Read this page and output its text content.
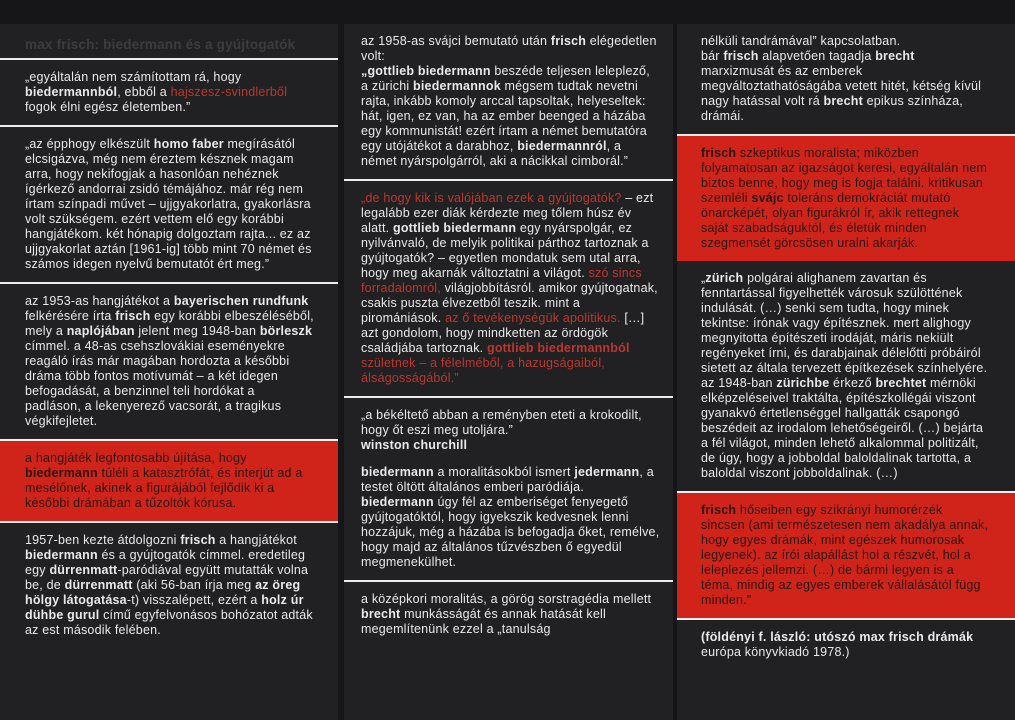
max frisch: biedermann és a gyújtogatók

„egyáltalán nem számítottam rá, hogy biedermannból, ebből a hajszesz-svindlerből fogok élni egész életemben.”

„az épphogy elkészült homo faber megírásától elcsigázva, még nem éreztem késznek magam arra, hogy nekifogjak a hasonlóan nehéznek ígérkező andorrai zsidó témájához. már rég nem írtam színpadi művet – ujjgyakorlatra, gyakorlásra volt szükségem. ezért vettem elő egy korábbi hangjátékom. két hónapig dolgoztam rajta... ez az ujjgyakorlat aztán [1961-ig] több mint 70 német és számos idegen nyelvű bemutatót ért meg.”

az 1953-as hangjátékot a bayerischen rundfunk felkérésére írta frisch egy korábbi elbeszéléséből, mely a naplójában jelent meg 1948-ban börleszk címmel. a 48-as csehszlovákiai eseményekre reagáló írás már magában hordozta a későbbi dráma több fontos motívumát – a két idegen befogadását, a benzinnel teli hordókat a padláson, a lekenyerező vacsorát, a tragikus végkifejletet.

a hangjáték legfontosabb újítása, hogy biedermann túléli a katasztrófát, és interjút ad a mesélőnek, akinek a figurájából fejlődik ki a későbbi drámában a tűzoltók kórusa.

1957-ben kezte átdolgozni frisch a hangjátékot biedermann és a gyújtogatók címmel. eredetileg egy dürrenmatt-paródiával együtt mutatták volna be, de dürrenmatt (aki 56-ban írja meg az öreg hölgy látogatása-t) visszalépett, ezért a holz úr dühbe gurul című egyfelvonásos bohózatot adták az est második felében.

az 1958-as svájci bemutató után frisch elégedetlen volt:
„gottlieb biedermann beszéde teljesen leleplező, a zürichi biedermannok mégsem tudtak nevetni rajta, inkább komoly arccal tapsoltak, helyeseltek: hát, igen, ez van, ha az ember beenged a házába egy kommunistát! ezért írtam a német bemutatóra egy utójátékot a darabhoz, biedermannról, a német nyárspolgárról, aki a nácikkal cimborál.”

„de hogy kik is valójában ezek a gyújtogatók? – ezt legalább ezer diák kérdezte meg tőlem húsz év alatt. gottlieb biedermann egy nyárspolgár, ez nyilvánvaló, de melyik politikai párthoz tartoznak a gyújtogatók? – egyetlen mondatuk sem utal arra, hogy meg akarnák változtatni a világot. szó sincs forradalomról, világjobbításról. amikor gyújtogatnak, csakis puszta élvezetből teszik. mint a piromániások. az ő tevékenységük apolitikus. […] azt gondolom, hogy mindketten az ördögök családjába tartoznak. gottlieb biedermannból születnek – a félelméből, a hazugságaiból, álságosságából.”

„a békéltető abban a reményben eteti a krokodilt, hogy őt eszi meg utoljára.”
winston churchill

biedermann a moralitásokból ismert jedermann, a testet öltött általános emberi paródiája. biedermann úgy fél az emberiséget fenyegető gyújtogatóktól, hogy igyekszik kedvesnek lenni hozzájuk, még a házába is befogadja őket, remélve, hogy majd az általános tűzvészben ő egyedül megmenekülhet.

a középkori moralitás, a görög sorstragédia mellett brecht munkásságát és annak hatását kell megemlítenünk ezzel a „tanulság

nélküli tandrámával” kapcsolatban.
bár frisch alapvetően tagadja brecht marxizmusát és az emberek megváltoztathatóságába vetett hitét, kétség kívül nagy hatással volt rá brecht epikus színháza, drámái.

frisch szkeptikus moralista; miközben folyamatosan az igazságot keresi, egyáltalán nem biztos benne, hogy meg is fogja találni. kritikusan szemléli svájc toleráns demokráciát mutató önarcképét, olyan figurákról ír, akik rettegnek saját szabadságuktól, és életük minden szegmensét görcsösen uralni akarják.

„zürich polgárai alighanem zavartan és fenntartással figyelhették városuk szülöttének indulását. (…) senki sem tudta, hogy minek tekintse: írónak vagy építésznek. mert alighogy megnyitotta építészeti irodáját, máris nekiült regényeket írni, és darabjainak délelőtti próbáiról sietett az általa tervezett építkezések színhelyére. az 1948-ban zürichbe érkező brechtet mérnöki elképzeléseivel traktálta, építészkollégái viszont gyanakvó értetlenséggel hallgatták csapongó beszédeit az irodalom lehetőségeiről. (…) bejárta a fél világot, minden lehető alkalommal politizált, de úgy, hogy a jobboldal baloldalinak tartotta, a baloldal viszont jobboldalinak. (…)

frisch hőseiben egy szikrányi humorérzék sincsen (ami természetesen nem akadálya annak, hogy egyes drámák, mint egészek humorosak legyenek). az írói alapállást hol a részvét, hol a leleplezés jellemzi. (…) de bármi legyen is a téma, mindig az egyes emberek vállalásától függ minden.”

(földényi f. lászló: utószó max frisch drámák
európa könyvkiadó 1978.)
